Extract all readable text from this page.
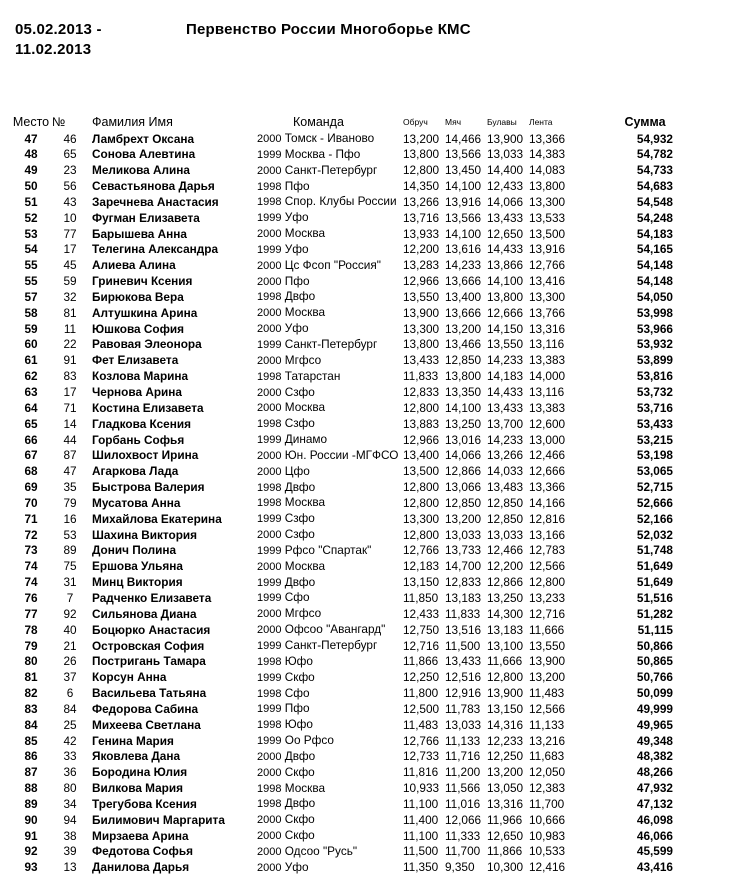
05.02.2013 -
11.02.2013
Первенство России Многоборье КМС
Место	№	Фамилия Имя	Команда	Обруч	Мяч	Булавы	Лента	Сумма
47	46	Ламбрехт Оксана	2000 Томск - Иваново	13,200	14,466	13,900	13,366	54,932
48	65	Сонова Алевтина	1999 Москва - Пфо	13,800	13,566	13,033	14,383	54,782
49	23	Меликова Алина	2000 Санкт-Петербург	12,800	13,450	14,400	14,083	54,733
50	56	Севастьянова Дарья	1998 Пфо	14,350	14,100	12,433	13,800	54,683
51	43	Заречнева Анастасия	1998 Спор. Клубы России	13,266	13,916	14,066	13,300	54,548
52	10	Фугман Елизавета	1999 Уфо	13,716	13,566	13,433	13,533	54,248
53	77	Барышева Анна	2000 Москва	13,933	14,100	12,650	13,500	54,183
54	17	Телегина Александра	1999 Уфо	12,200	13,616	14,433	13,916	54,165
55	45	Алиева Алина	2000 Цс Фсоп "Россия"	13,283	14,233	13,866	12,766	54,148
55	59	Гриневич Ксения	2000 Пфо	12,966	13,666	14,100	13,416	54,148
57	32	Бирюкова Вера	1998 Двфо	13,550	13,400	13,800	13,300	54,050
58	81	Алтушкина Арина	2000 Москва	13,900	13,666	12,666	13,766	53,998
59	11	Юшкова София	2000 Уфо	13,300	13,200	14,150	13,316	53,966
60	22	Равовая Элеонора	1999 Санкт-Петербург	13,800	13,466	13,550	13,116	53,932
61	91	Фет Елизавета	2000 Мгфсо	13,433	12,850	14,233	13,383	53,899
62	83	Козлова Марина	1998 Татарстан	11,833	13,800	14,183	14,000	53,816
63	17	Чернова Арина	2000 Сзфо	12,833	13,350	14,433	13,116	53,732
64	71	Костина Елизавета	2000 Москва	12,800	14,100	13,433	13,383	53,716
65	14	Гладкова Ксения	1998 Сзфо	13,883	13,250	13,700	12,600	53,433
66	44	Горбань Софья	1999 Динамо	12,966	13,016	14,233	13,000	53,215
67	87	Шилохвост Ирина	2000 Юн. России -МГФСО	13,400	14,066	13,266	12,466	53,198
68	47	Агаркова Лада	2000 Цфо	13,500	12,866	14,033	12,666	53,065
69	35	Быстрова Валерия	1998 Двфо	12,800	13,066	13,483	13,366	52,715
70	79	Мусатова Анна	1998 Москва	12,800	12,850	12,850	14,166	52,666
71	16	Михайлова Екатерина	1999 Сзфо	13,300	13,200	12,850	12,816	52,166
72	53	Шахина Виктория	2000 Сзфо	12,800	13,033	13,033	13,166	52,032
73	89	Донич Полина	1999 Рфсо "Спартак"	12,766	13,733	12,466	12,783	51,748
74	75	Ершова Ульяна	2000 Москва	12,183	14,700	12,200	12,566	51,649
74	31	Минц Виктория	1999 Двфо	13,150	12,833	12,866	12,800	51,649
76	7	Радченко Елизавета	1999 Сфо	11,850	13,183	13,250	13,233	51,516
77	92	Сильянова Диана	2000 Мгфсо	12,433	11,833	14,300	12,716	51,282
78	40	Боцюрко Анастасия	2000 Офсоо "Авангард"	12,750	13,516	13,183	11,666	51,115
79	21	Островская София	1999 Санкт-Петербург	12,716	11,500	13,100	13,550	50,866
80	26	Постригань Тамара	1998 Юфо	11,866	13,433	11,666	13,900	50,865
81	37	Корсун Анна	1999 Скфо	12,250	12,516	12,800	13,200	50,766
82	6	Васильева Татьяна	1998 Сфо	11,800	12,916	13,900	11,483	50,099
83	84	Федорова Сабина	1999 Пфо	12,500	11,783	13,150	12,566	49,999
84	25	Михеева Светлана	1998 Юфо	11,483	13,033	14,316	11,133	49,965
85	42	Генина Мария	1999 Оо Рфсо	12,766	11,133	12,233	13,216	49,348
86	33	Яковлева Дана	2000 Двфо	12,733	11,716	12,250	11,683	48,382
87	36	Бородина Юлия	2000 Скфо	11,816	11,200	13,200	12,050	48,266
88	80	Вилкова Мария	1998 Москва	10,933	11,566	13,050	12,383	47,932
89	34	Трегубова Ксения	1998 Двфо	11,100	11,016	13,316	11,700	47,132
90	94	Билимович Маргарита	2000 Скфо	11,400	12,066	11,966	10,666	46,098
91	38	Мирзаева Арина	2000 Скфо	11,100	11,333	12,650	10,983	46,066
92	39	Федотова Софья	2000 Одсоо "Русь"	11,500	11,700	11,866	10,533	45,599
93	13	Данилова Дарья	2000 Уфо	11,350	9,350	10,300	12,416	43,416
